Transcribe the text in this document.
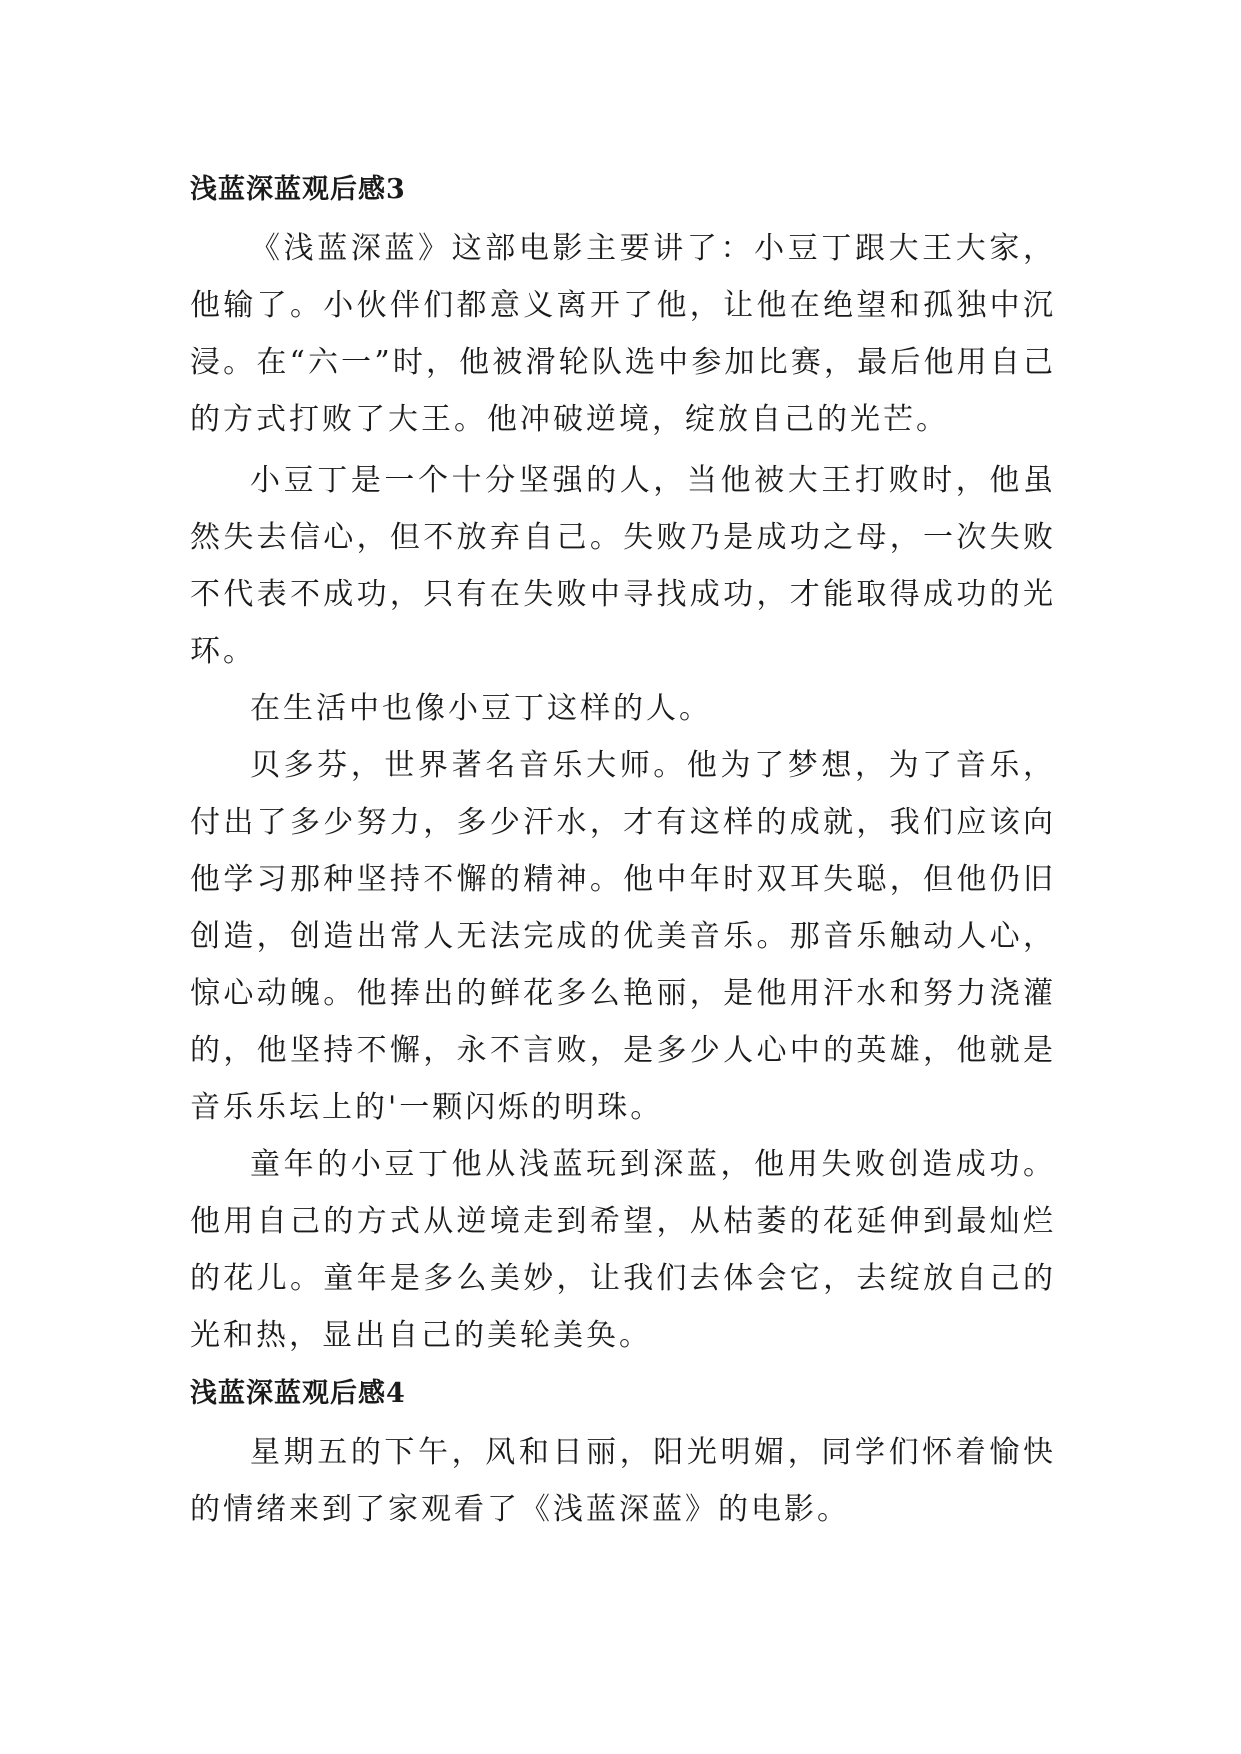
浅蓝深蓝观后感3

《浅蓝深蓝》这部电影主要讲了：小豆丁跟大王大家，他输了。小伙伴们都意义离开了他，让他在绝望和孤独中沉浸。在“六一”时，他被滑轮队选中参加比赛，最后他用自己的方式打败了大王。他冲破逆境，绽放自己的光芒。

小豆丁是一个十分坚强的人，当他被大王打败时，他虽然失去信心，但不放弃自己。失败乃是成功之母，一次失败不代表不成功，只有在失败中寻找成功，才能取得成功的光环。

在生活中也像小豆丁这样的人。

贝多芬，世界著名音乐大师。他为了梦想，为了音乐，付出了多少努力，多少汗水，才有这样的成就，我们应该向他学习那种坚持不懈的精神。他中年时双耳失聪，但他仍旧创造，创造出常人无法完成的优美音乐。那音乐触动人心，惊心动魄。他捧出的鲜花多么艳丽，是他用汗水和努力浇灌的，他坚持不懈，永不言败，是多少人心中的英雄，他就是音乐乐坛上的'一颗闪烁的明珠。

童年的小豆丁他从浅蓝玩到深蓝，他用失败创造成功。他用自己的方式从逆境走到希望，从枯萎的花延伸到最灿烂的花儿。童年是多么美妙，让我们去体会它，去绽放自己的光和热，显出自己的美轮美奂。

浅蓝深蓝观后感4

星期五的下午，风和日丽，阳光明媚，同学们怀着愉快的情绪来到了家观看了《浅蓝深蓝》的电影。
